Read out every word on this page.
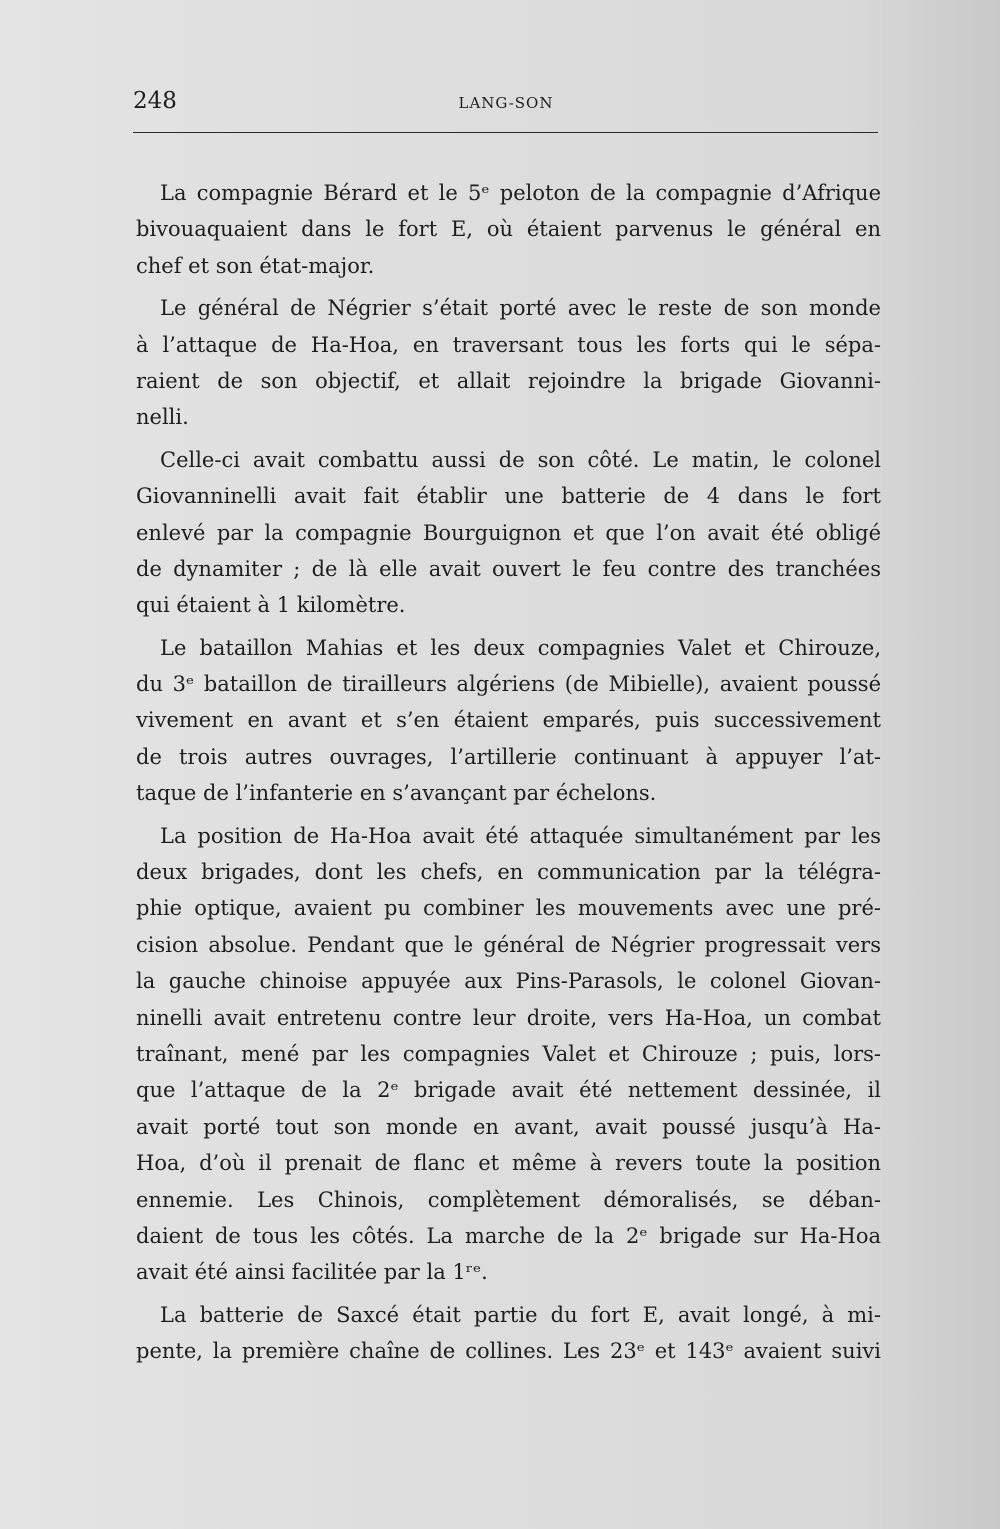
248	LANG-SON
La compagnie Bérard et le 5ᵉ peloton de la compagnie d’Afrique
bivouaquaient dans le fort E, où étaient parvenus le général en
chef et son état-major.
Le général de Négrier s’était porté avec le reste de son monde
à l’attaque de Ha-Hoa, en traversant tous les forts qui le sépa-
raient de son objectif, et allait rejoindre la brigade Giovanni-
nelli.
Celle-ci avait combattu aussi de son côté. Le matin, le colonel
Giovanninelli avait fait établir une batterie de 4 dans le fort
enlevé par la compagnie Bourguignon et que l’on avait été obligé
de dynamiter ; de là elle avait ouvert le feu contre des tranchées
qui étaient à 1 kilomètre.
Le bataillon Mahias et les deux compagnies Valet et Chirouze,
du 3ᵉ bataillon de tirailleurs algériens (de Mibielle), avaient poussé
vivement en avant et s’en étaient emparés, puis successivement
de trois autres ouvrages, l’artillerie continuant à appuyer l’at-
taque de l’infanterie en s’avançant par échelons.
La position de Ha-Hoa avait été attaquée simultanément par les
deux brigades, dont les chefs, en communication par la télégra-
phie optique, avaient pu combiner les mouvements avec une pré-
cision absolue. Pendant que le général de Négrier progressait vers
la gauche chinoise appuyée aux Pins-Parasols, le colonel Giovan-
ninelli avait entretenu contre leur droite, vers Ha-Hoa, un combat
traînant, mené par les compagnies Valet et Chirouze ; puis, lors-
que l’attaque de la 2ᵉ brigade avait été nettement dessinée, il
avait porté tout son monde en avant, avait poussé jusqu’à Ha-
Hoa, d’où il prenait de flanc et même à revers toute la position
ennemie. Les Chinois, complètement démoralisés, se déban-
daient de tous les côtés. La marche de la 2ᵉ brigade sur Ha-Hoa
avait été ainsi facilitée par la 1ʳᵉ.
La batterie de Saxcé était partie du fort E, avait longé, à mi-
pente, la première chaîne de collines. Les 23ᵉ et 143ᵉ avaient suivi
